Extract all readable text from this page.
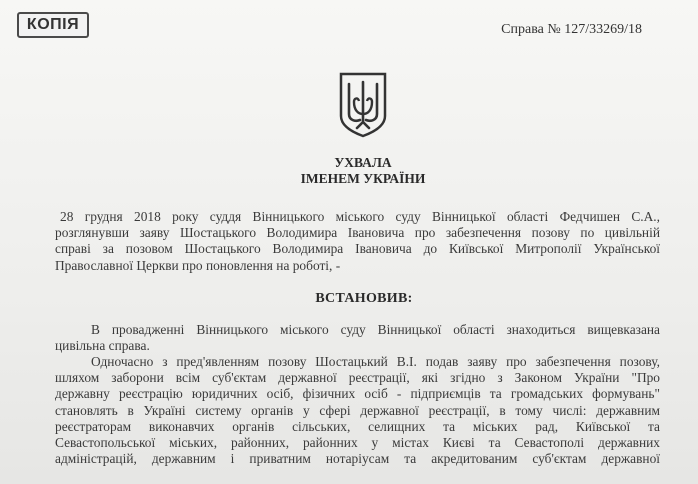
КОПІЯ	Справа № 127/33269/18
УХВАЛА
ІМЕНЕМ УКРАЇНИ
28 грудня 2018 року суддя Вінницького міського суду Вінницької області Федчишен С.А.,
розглянувши заяву Шостацького Володимира Івановича про забезпечення позову по цивільній
справі за позовом Шостацького Володимира Івановича до Київської Митрополії Української
Православної Церкви про поновлення на роботі, -
ВСТАНОВИВ:
В провадженні Вінницького міського суду Вінницької області знаходиться вищевказана
цивільна справа.
Одночасно з пред'явленням позову Шостацький В.І. подав заяву про забезпечення позову,
шляхом заборони всім суб'єктам державної реєстрації, які згідно з Законом України "Про
державну реєстрацію юридичних осіб, фізичних осіб - підприємців та громадських формувань"
становлять в Україні систему органів у сфері державної реєстрації, в тому числі: державним
реєстраторам виконавчих органів сільських, селищних та міських рад, Київської та
Севастопольської міських, районних, районних у містах Києві та Севастополі державних
адміністрацій, державним і приватним нотаріусам та акредитованим суб'єктам державної
